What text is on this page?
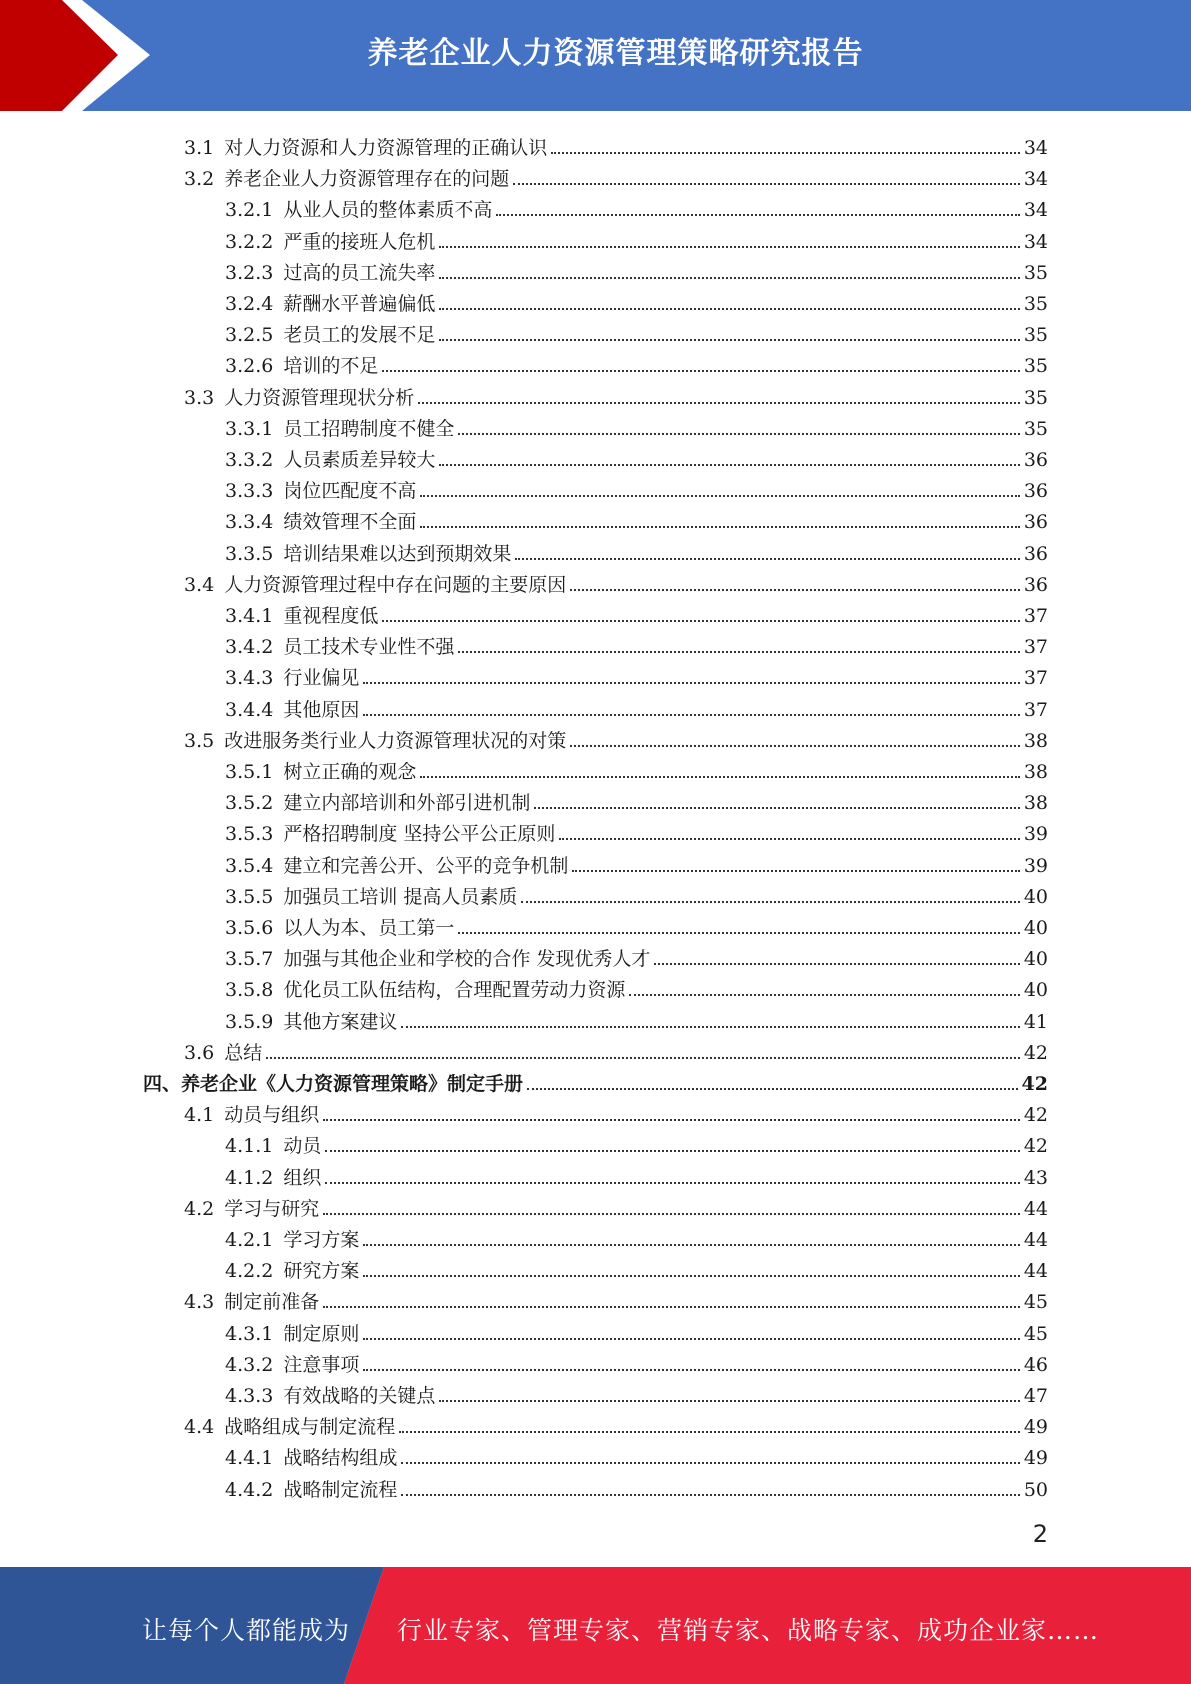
养老企业人力资源管理策略研究报告
3.1 对人力资源和人力资源管理的正确认识	34
3.2 养老企业人力资源管理存在的问题	34
3.2.1 从业人员的整体素质不高	34
3.2.2 严重的接班人危机	34
3.2.3 过高的员工流失率	35
3.2.4 薪酬水平普遍偏低	35
3.2.5 老员工的发展不足	35
3.2.6 培训的不足	35
3.3 人力资源管理现状分析	35
3.3.1 员工招聘制度不健全	35
3.3.2 人员素质差异较大	36
3.3.3 岗位匹配度不高	36
3.3.4 绩效管理不全面	36
3.3.5 培训结果难以达到预期效果	36
3.4 人力资源管理过程中存在问题的主要原因	36
3.4.1 重视程度低	37
3.4.2 员工技术专业性不强	37
3.4.3 行业偏见	37
3.4.4 其他原因	37
3.5 改进服务类行业人力资源管理状况的对策	38
3.5.1 树立正确的观念	38
3.5.2 建立内部培训和外部引进机制	38
3.5.3 严格招聘制度 坚持公平公正原则	39
3.5.4 建立和完善公开、公平的竞争机制	39
3.5.5 加强员工培训 提高人员素质	40
3.5.6 以人为本、员工第一	40
3.5.7 加强与其他企业和学校的合作 发现优秀人才	40
3.5.8 优化员工队伍结构，合理配置劳动力资源	40
3.5.9 其他方案建议	41
3.6 总结	42
四、 养老企业《人力资源管理策略》制定手册	42
4.1 动员与组织	42
4.1.1 动员	42
4.1.2 组织	43
4.2 学习与研究	44
4.2.1 学习方案	44
4.2.2 研究方案	44
4.3 制定前准备	45
4.3.1 制定原则	45
4.3.2 注意事项	46
4.3.3 有效战略的关键点	47
4.4 战略组成与制定流程	49
4.4.1 战略结构组成	49
4.4.2 战略制定流程	50
2
让每个人都能成为 行业专家、管理专家、营销专家、战略专家、成功企业家……
